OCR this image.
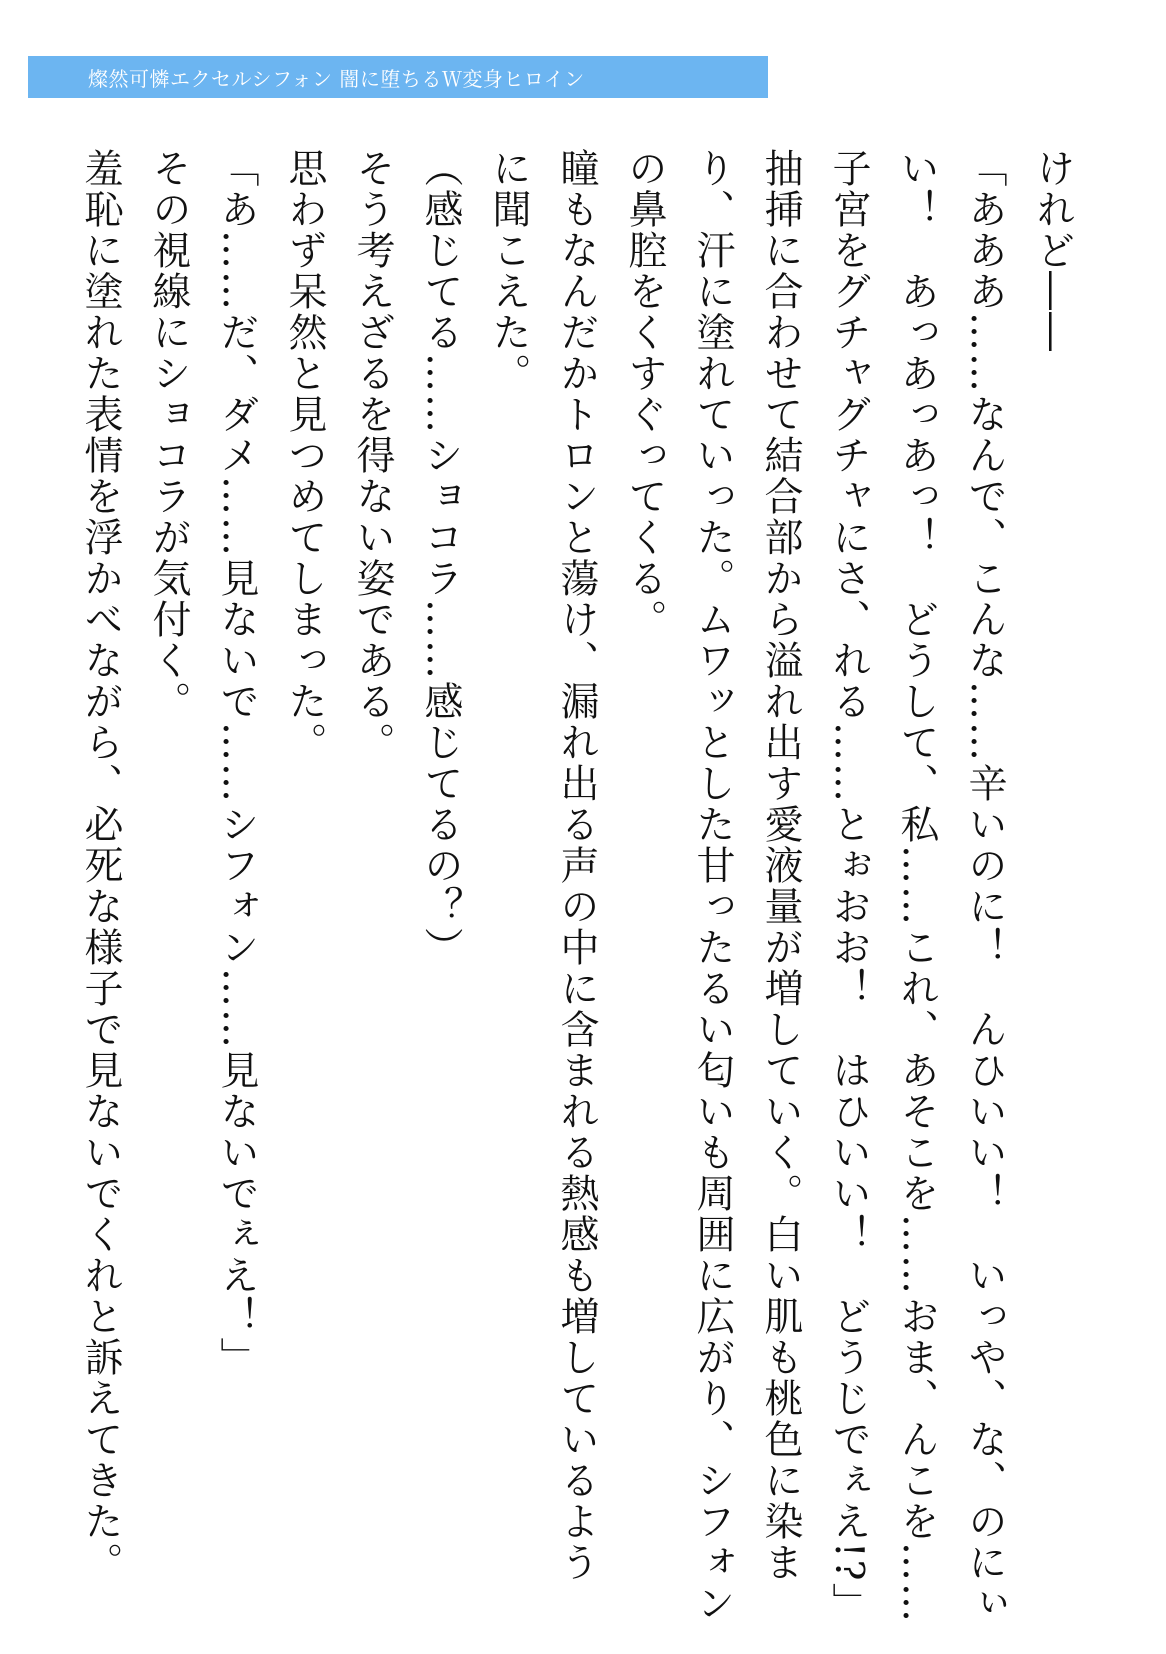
燦然可憐エクセルシフォン 闇に堕ちるＷ変身ヒロイン
けれど――
「あああ……なんで、こんな……辛いのに！　んひいい！　いっや、な、のにぃ
い！　あっあっあっ！　どうして、私……これ、あそこを……おま、んこを……
子宮をグチャグチャにさ、れる……とぉおお！　はひいい！　どうじでぇえ!?」
抽挿に合わせて結合部から溢れ出す愛液量が増していく。白い肌も桃色に染ま
り、汗に塗れていった。ムワッとした甘ったるい匂いも周囲に広がり、シフォン
の鼻腔をくすぐってくる。
瞳もなんだかトロンと蕩け、漏れ出る声の中に含まれる熱感も増しているよう
に聞こえた。
（感じてる……ショコラ……感じてるの？）
そう考えざるを得ない姿である。
思わず呆然と見つめてしまった。
「あ……だ、ダメ……見ないで……シフォン……見ないでぇえ！」
その視線にショコラが気付く。
羞恥に塗れた表情を浮かべながら、必死な様子で見ないでくれと訴えてきた。
